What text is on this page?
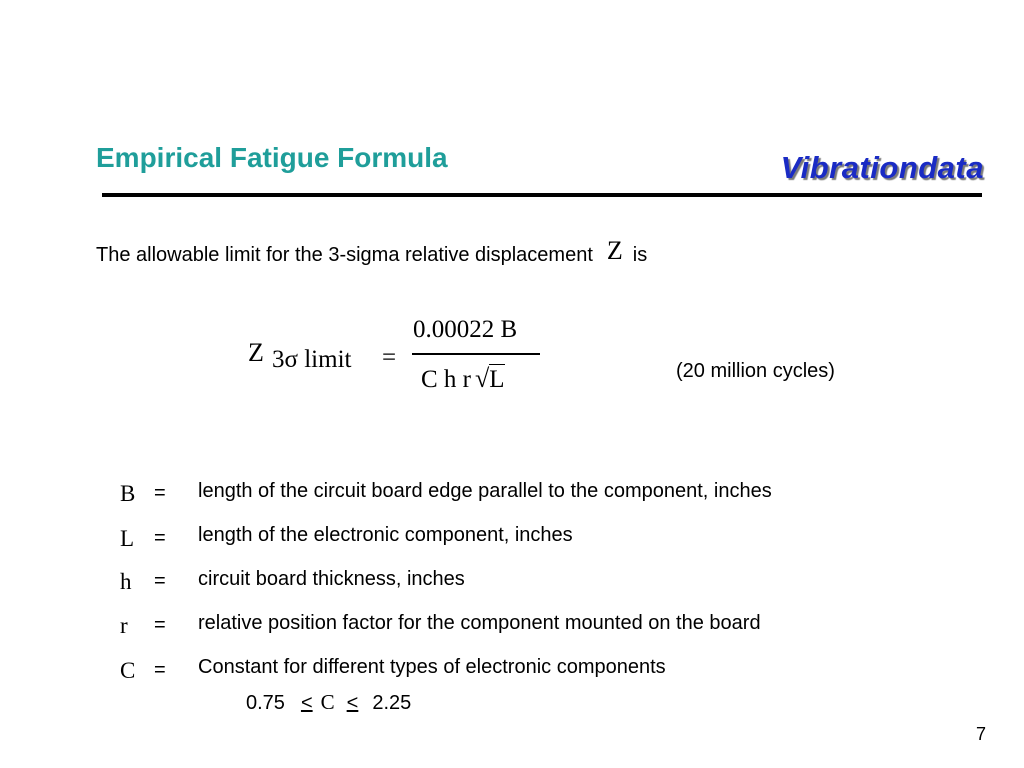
Empirical Fatigue Formula	Vibrationdata
The allowable limit for the 3-sigma relative displacement Z is
Z 3σ limit =
0.00022 B
C h r √L	(20 million cycles)
B = length of the circuit board edge parallel to the component, inches
L = length of the electronic component, inches
h	= circuit board thickness, inches
r	= relative position factor for the component mounted on the board
C = Constant for different types of electronic components
0.75 < C < 2.25
7
